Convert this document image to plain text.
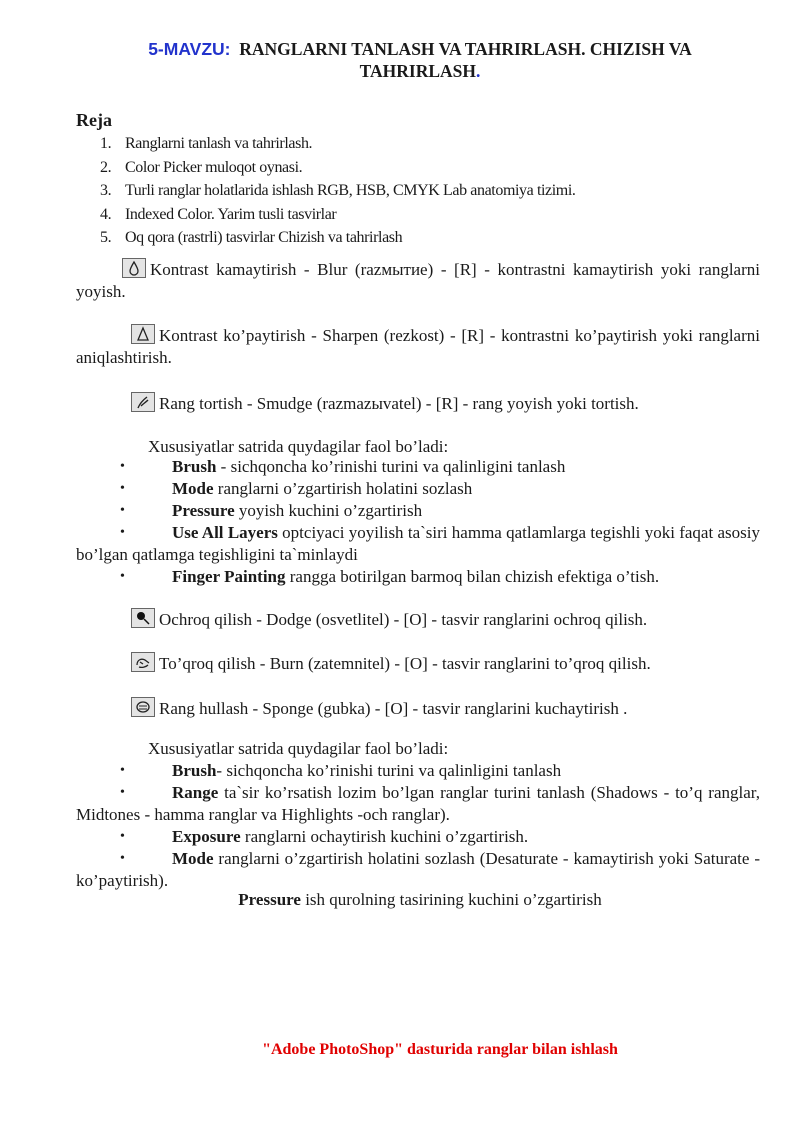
5-MAVZU: RANGLARNI TANLASH VA TAHRIRLASH. CHIZISH VA TAHRIRLASH.
Reja
1. Ranglarni tanlash va tahrirlash.
2. Color Picker muloqot oynasi.
3. Turli ranglar holatlarida ishlash RGB, HSB, CMYK Lab anatomiya tizimi.
4. Indexed Color. Yarim tusli tasvirlar
5. Oq qora (rastrli) tasvirlar Chizish va tahrirlash

Kontrast kamaytirish - Blur (razмытие) - [R] - kontrastni kamaytirish yoki ranglarni yoyish.

Kontrast ko’paytirish - Sharpen (rezkost) - [R] - kontrastni ko’paytirish yoki ranglarni aniqlashtirish.

Rang tortish - Smudge (razmazыvatel) - [R] - rang yoyish yoki tortish.

Xususiyatlar satrida quydagilar faol bo’ladi:
•	Brush - sichqoncha ko’rinishi turini va qalinligini tanlash
•	Mode ranglarni o’zgartirish holatini sozlash
•	Pressure yoyish kuchini o’zgartirish
•	Use All Layers optciyaci yoyilish ta`siri hamma qatlamlarga tegishli yoki faqat asosiy bo’lgan qatlamga tegishligini ta`minlaydi
•	Finger Painting rangga botirilgan barmoq bilan chizish efektiga o’tish.

Ochroq qilish - Dodge (osvetlitel) - [O] - tasvir ranglarini ochroq qilish.

To’qroq qilish - Burn (zatemnitel) - [O] - tasvir ranglarini to’qroq qilish.

Rang hullash - Sponge (gubka) - [O] - tasvir ranglarini kuchaytirish .

Xususiyatlar satrida quydagilar faol bo’ladi:
•	Brush- sichqoncha ko’rinishi turini va qalinligini tanlash
•	Range ta`sir ko’rsatish lozim bo’lgan ranglar turini tanlash (Shadows - to’q ranglar, Midtones - hamma ranglar va Highlights -och ranglar).
•	Exposure ranglarni ochaytirish kuchini o’zgartirish.
•	Mode ranglarni o’zgartirish holatini sozlash (Desaturate - kamaytirish yoki Saturate - ko’paytirish).
Pressure ish qurolning tasirining kuchini o’zgartirish
"Adobe PhotoShop" dasturida ranglar bilan ishlash
